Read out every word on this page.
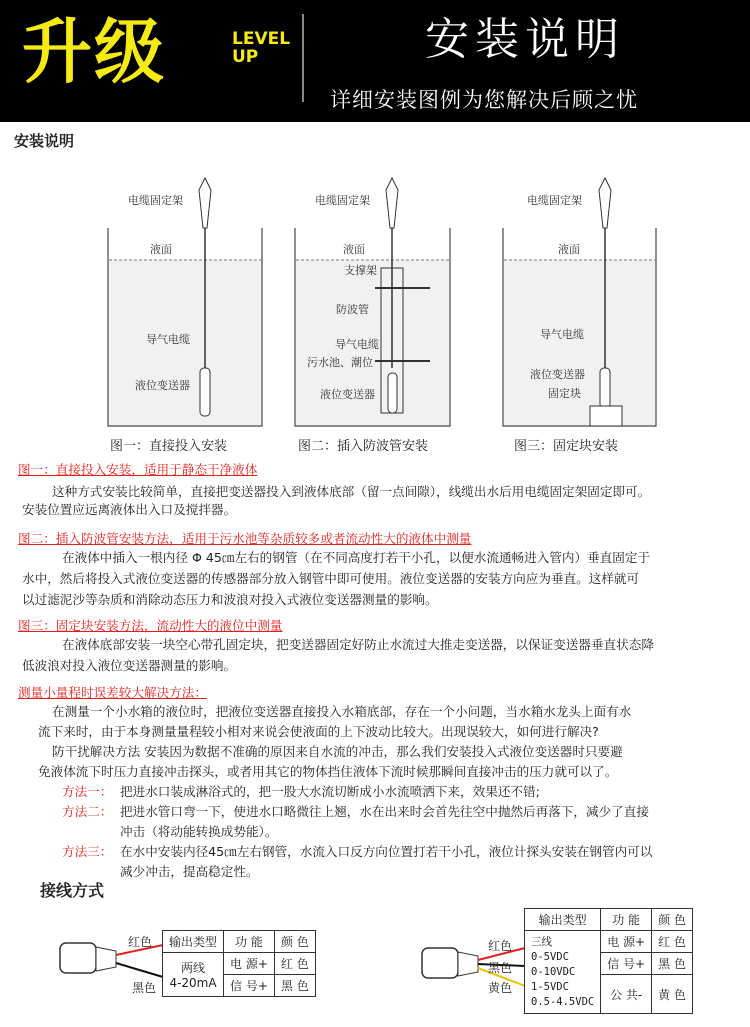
升级	LEVEL
UP	安装说明
详细安装图例为您解决后顾之忧
安装说明
电缆固定架
液面
导气电缆
液位变送器
图一：直接投入安装
电缆固定架
液面
支撑架
防波管
导气电缆
污水池、潮位
液位变送器
图二：插入防波管安装
电缆固定架
液面
导气电缆
液位变送器
固定块
图三：固定块安装
图一：直接投入安装，适用于静态干净液体
这种方式安装比较简单，直接把变送器投入到液体底部（留一点间隙），线缆出水后用电缆固定架固定即可。
安装位置应远离液体出入口及搅拌器。
图二：插入防波管安装方法，适用于污水池等杂质较多或者流动性大的液体中测量
在液体中插入一根内径 Φ 45㎝左右的钢管（在不同高度打若干小孔，以便水流通畅进入管内）垂直固定于
水中，然后将投入式液位变送器的传感器部分放入钢管中即可使用。液位变送器的安装方向应为垂直。这样就可
以过滤泥沙等杂质和消除动态压力和波浪对投入式液位变送器测量的影响。
图三：固定块安装方法，流动性大的液位中测量
在液体底部安装一块空心带孔固定块，把变送器固定好防止水流过大推走变送器，以保证变送器垂直状态降
低波浪对投入液位变送器测量的影响。
测量小量程时误差较大解决方法：
在测量一个小水箱的液位时，把液位变送器直接投入水箱底部，存在一个小问题，当水箱水龙头上面有水
流下来时，由于本身测量量程较小相对来说会使液面的上下波动比较大。出现误较大，如何进行解决?
防干扰解决方法 安装因为数据不准确的原因来自水流的冲击，那么我们安装投入式液位变送器时只要避
免液体流下时压力直接冲击探头，或者用其它的物体挡住液体下流时候那瞬间直接冲击的压力就可以了。
方法一： 把进水口装成淋浴式的，把一股大水流切断成小水流喷洒下来，效果还不错;
方法二： 把进水管口弯一下，使进水口略微往上翘，水在出来时会首先往空中抛然后再落下，减少了直接
冲击（将动能转换成势能）。
方法三： 在水中安装内径45㎝左右钢管，水流入口反方向位置打若干小孔，液位计探头安装在钢管内可以
减少冲击，提高稳定性。
接线方式
红色
黑色
输出类型	功 能	颜 色

两线
4-20mA	电 源+	红 色
	信 号+	黑 色
红色
黑色
黄色
输出类型	功 能	颜 色

三线
0-5VDC
0-10VDC
1-5VDC
0.5-4.5VDC	电 源+	红 色
	信 号+	黑 色
	公 共-	黄 色
